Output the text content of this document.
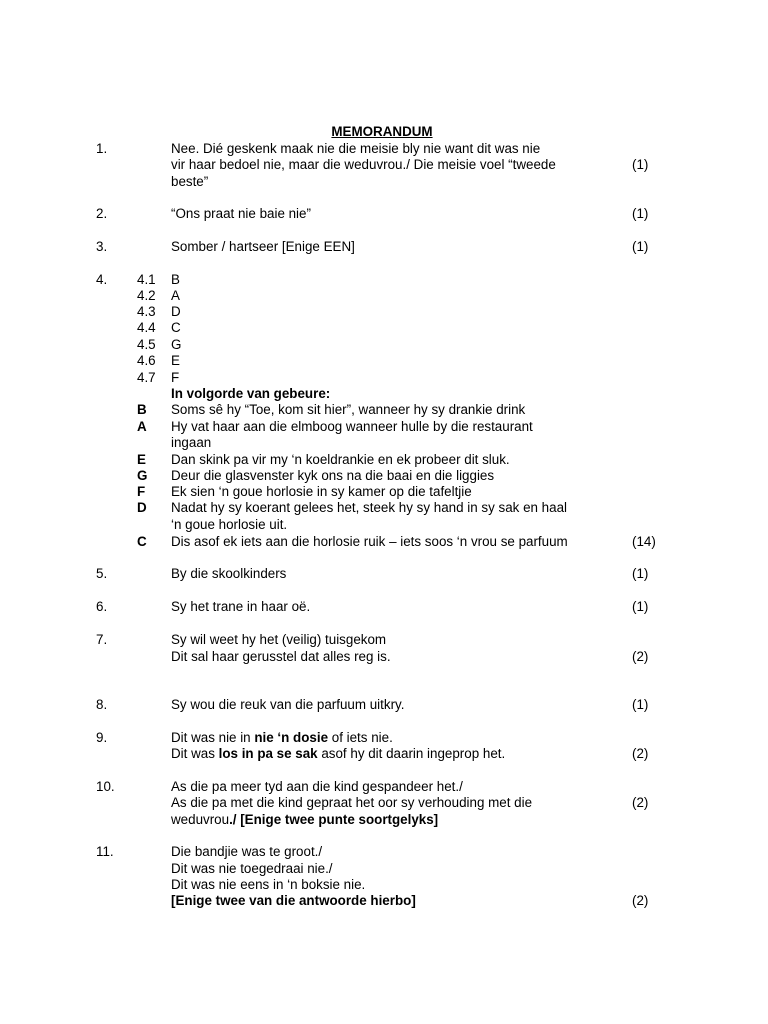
MEMORANDUM
1.	Nee. Dié geskenk maak nie die meisie bly nie want dit was nie
vir haar bedoel nie, maar die weduvrou./ Die meisie voel “tweede
beste”
(1)
2.	“Ons praat nie baie nie”	(1)
3.	Somber / hartseer [Enige EEN]	(1)
4. 4.1 B
4.2 A
4.3 D
4.4 C
4.5 G
4.6 E
4.7 F
In volgorde van gebeure:
B Soms sê hy “Toe, kom sit hier”, wanneer hy sy drankie drink
A Hy vat haar aan die elmboog wanneer hulle by die restaurant
ingaan
E Dan skink pa vir my ‘n koeldrankie en ek probeer dit sluk.
G Deur die glasvenster kyk ons na die baai en die liggies
F Ek sien ‘n goue horlosie in sy kamer op die tafeltjie
D Nadat hy sy koerant gelees het, steek hy sy hand in sy sak en haal
‘n goue horlosie uit.
C Dis asof ek iets aan die horlosie ruik – iets soos ‘n vrou se parfuum	(14)
5.	By die skoolkinders	(1)
6.	Sy het trane in haar oë.	(1)
7.	Sy wil weet hy het (veilig) tuisgekom
Dit sal haar gerusstel dat alles reg is.	(2)
8.	Sy wou die reuk van die parfuum uitkry.	(1)
9.	Dit was nie in nie ‘n dosie of iets nie.
Dit was los in pa se sak asof hy dit daarin ingeprop het.	(2)
10.	As die pa meer tyd aan die kind gespandeer het./
As die pa met die kind gepraat het oor sy verhouding met die
weduvrou./ [Enige twee punte soortgelyks]
(2)
11.	Die bandjie was te groot./
Dit was nie toegedraai nie./
Dit was nie eens in ‘n boksie nie.
[Enige twee van die antwoorde hierbo]	(2)
